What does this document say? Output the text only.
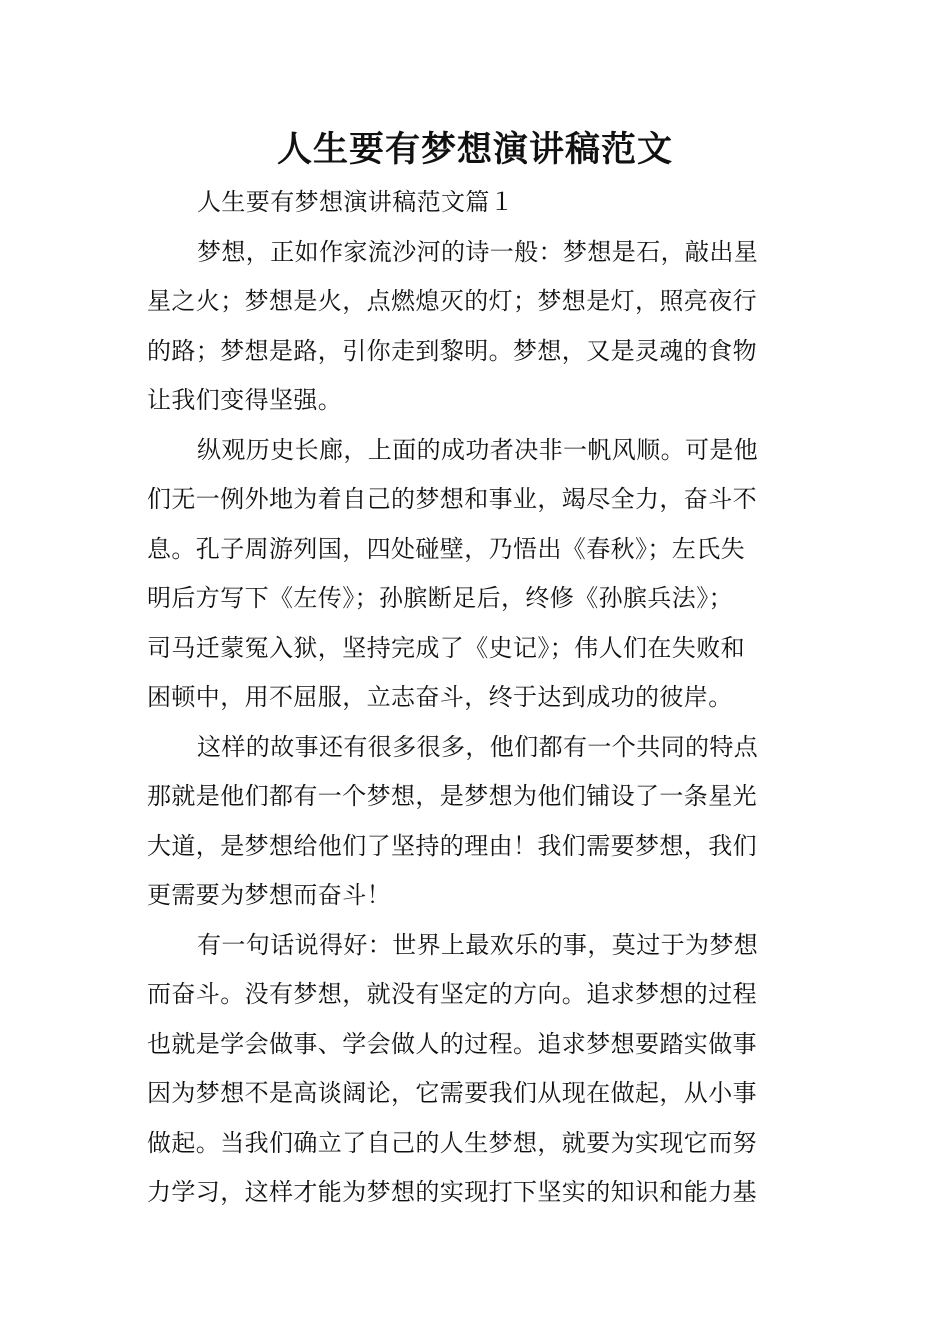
人生要有梦想演讲稿范文
人生要有梦想演讲稿范文篇１
梦想，正如作家流沙河的诗一般：梦想是石，敲出星
星之火；梦想是火，点燃熄灭的灯；梦想是灯，照亮夜行
的路；梦想是路，引你走到黎明。梦想，又是灵魂的食物
让我们变得坚强。
纵观历史长廊，上面的成功者决非一帆风顺。可是他
们无一例外地为着自己的梦想和事业，竭尽全力，奋斗不
息。孔子周游列国，四处碰壁，乃悟出《春秋》；左氏失
明后方写下《左传》；孙膑断足后，终修《孙膑兵法》；
司马迁蒙冤入狱，坚持完成了《史记》；伟人们在失败和
困顿中，用不屈服，立志奋斗，终于达到成功的彼岸。
这样的故事还有很多很多，他们都有一个共同的特点
那就是他们都有一个梦想，是梦想为他们铺设了一条星光
大道，是梦想给他们了坚持的理由！我们需要梦想，我们
更需要为梦想而奋斗！
有一句话说得好：世界上最欢乐的事，莫过于为梦想
而奋斗。没有梦想，就没有坚定的方向。追求梦想的过程
也就是学会做事、学会做人的过程。追求梦想要踏实做事
因为梦想不是高谈阔论，它需要我们从现在做起，从小事
做起。当我们确立了自己的人生梦想，就要为实现它而努
力学习，这样才能为梦想的实现打下坚实的知识和能力基
